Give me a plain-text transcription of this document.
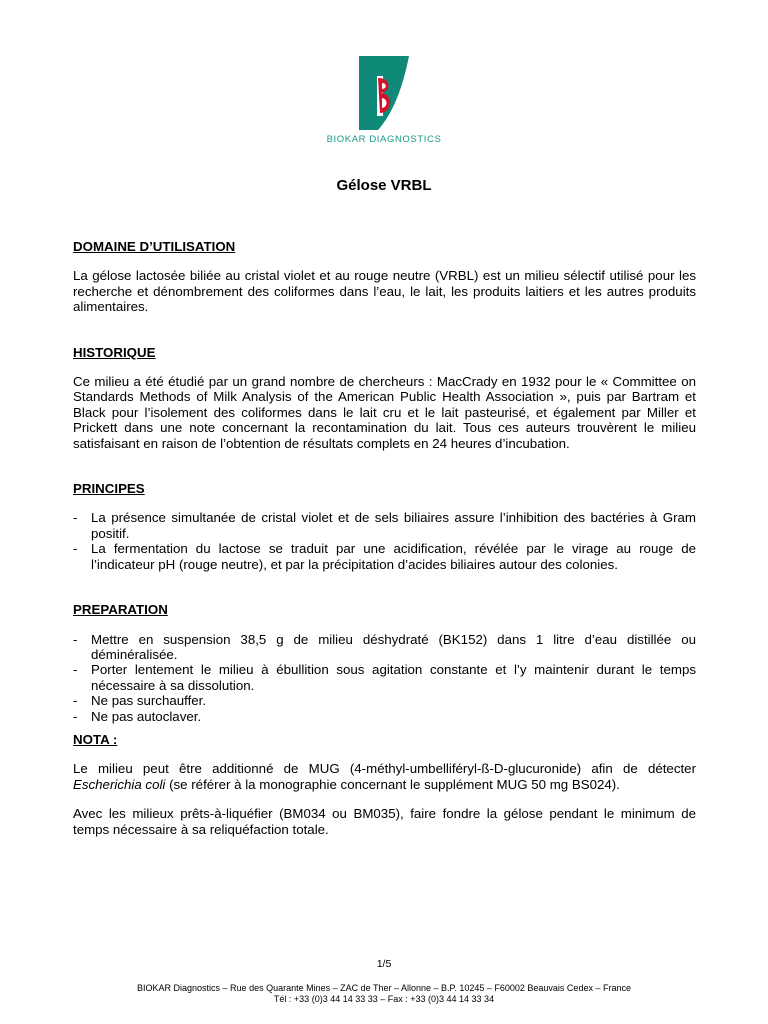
BIOKAR DIAGNOSTICS
Gélose VRBL

DOMAINE D’UTILISATION

La gélose lactosée biliée au cristal violet et au rouge neutre (VRBL) est un milieu sélectif utilisé pour les recherche et dénombrement des coliformes dans l’eau, le lait, les produits laitiers et les autres produits alimentaires.

HISTORIQUE

Ce milieu a été étudié par un grand nombre de chercheurs : MacCrady en 1932 pour le « Committee on Standards Methods of Milk Analysis of the American Public Health Association », puis par Bartram et Black pour l’isolement des coliformes dans le lait cru et le lait pasteurisé, et également par Miller et Prickett dans une note concernant la recontamination du lait. Tous ces auteurs trouvèrent le milieu satisfaisant en raison de l’obtention de résultats complets en 24 heures d’incubation.

PRINCIPES

- La présence simultanée de cristal violet et de sels biliaires assure l’inhibition des bactéries à Gram positif.
- La fermentation du lactose se traduit par une acidification, révélée par le virage au rouge de l’indicateur pH (rouge neutre), et par la précipitation d’acides biliaires autour des colonies.

PREPARATION

- Mettre en suspension 38,5 g de milieu déshydraté (BK152) dans 1 litre d’eau distillée ou déminéralisée.
- Porter lentement le milieu à ébullition sous agitation constante et l’y maintenir durant le temps nécessaire à sa dissolution.
- Ne pas surchauffer.
- Ne pas autoclaver.

NOTA :

Le milieu peut être additionné de MUG (4-méthyl-umbelliféryl-ß-D-glucuronide) afin de détecter Escherichia coli (se référer à la monographie concernant le supplément MUG 50 mg BS024).

Avec les milieux prêts-à-liquéfier (BM034 ou BM035), faire fondre la gélose pendant le minimum de temps nécessaire à sa reliquéfaction totale.

1/5
BIOKAR Diagnostics – Rue des Quarante Mines – ZAC de Ther – Allonne – B.P. 10245 – F60002 Beauvais Cedex – France
Tél : +33 (0)3 44 14 33 33 – Fax : +33 (0)3 44 14 33 34
